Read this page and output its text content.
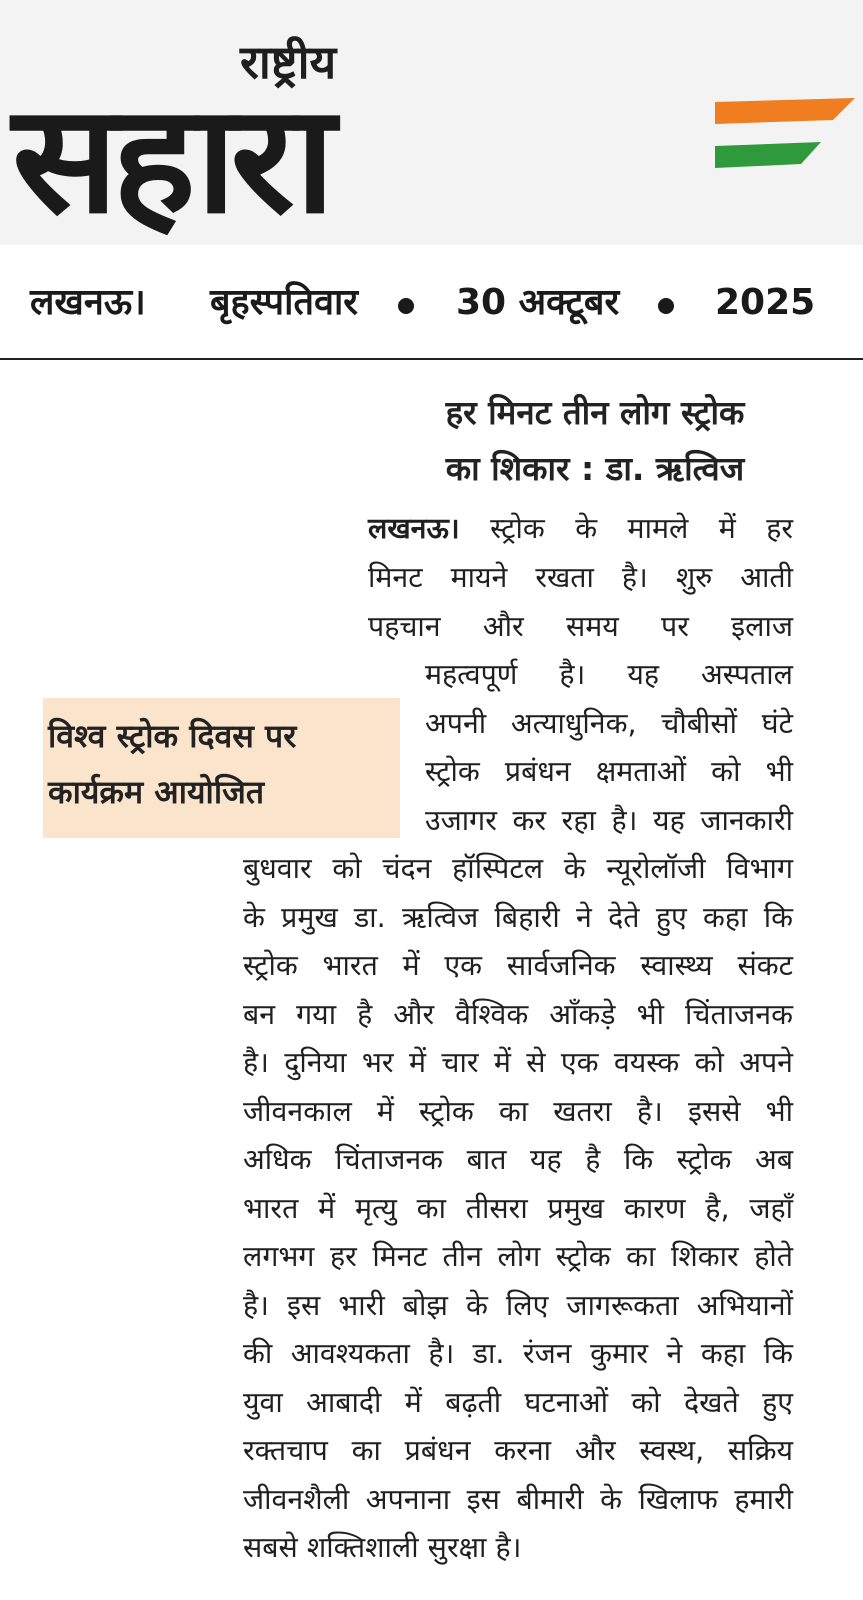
राष्ट्रीय
सहारा
लखनऊ। बृहस्पतिवार	30 अक्टूबर	2025
हर मिनट तीन लोग स्ट्रोक
का शिकार : डा. ऋत्विज
विश्व स्ट्रोक दिवस पर
कार्यक्रम आयोजित
लखनऊ। स्ट्रोक के मामले में हर
मिनट मायने रखता है। शुरु आती
पहचान और समय पर इलाज
महत्वपूर्ण है। यह अस्पताल
अपनी अत्याधुनिक, चौबीसों घंटे
स्ट्रोक प्रबंधन क्षमताओं को भी
उजागर कर रहा है। यह जानकारी
बुधवार को चंदन हॉस्पिटल के न्यूरोलॉजी विभाग
के प्रमुख डा. ऋत्विज बिहारी ने देते हुए कहा कि
स्ट्रोक भारत में एक सार्वजनिक स्वास्थ्य संकट
बन गया है और वैश्विक आँकड़े भी चिंताजनक
है। दुनिया भर में चार में से एक वयस्क को अपने
जीवनकाल में स्ट्रोक का खतरा है। इससे भी
अधिक चिंताजनक बात यह है कि स्ट्रोक अब
भारत में मृत्यु का तीसरा प्रमुख कारण है, जहाँ
लगभग हर मिनट तीन लोग स्ट्रोक का शिकार होते
है। इस भारी बोझ के लिए जागरूकता अभियानों
की आवश्यकता है। डा. रंजन कुमार ने कहा कि
युवा आबादी में बढ़ती घटनाओं को देखते हुए
रक्तचाप का प्रबंधन करना और स्वस्थ, सक्रिय
जीवनशैली अपनाना इस बीमारी के खिलाफ हमारी
सबसे शक्तिशाली सुरक्षा है।
